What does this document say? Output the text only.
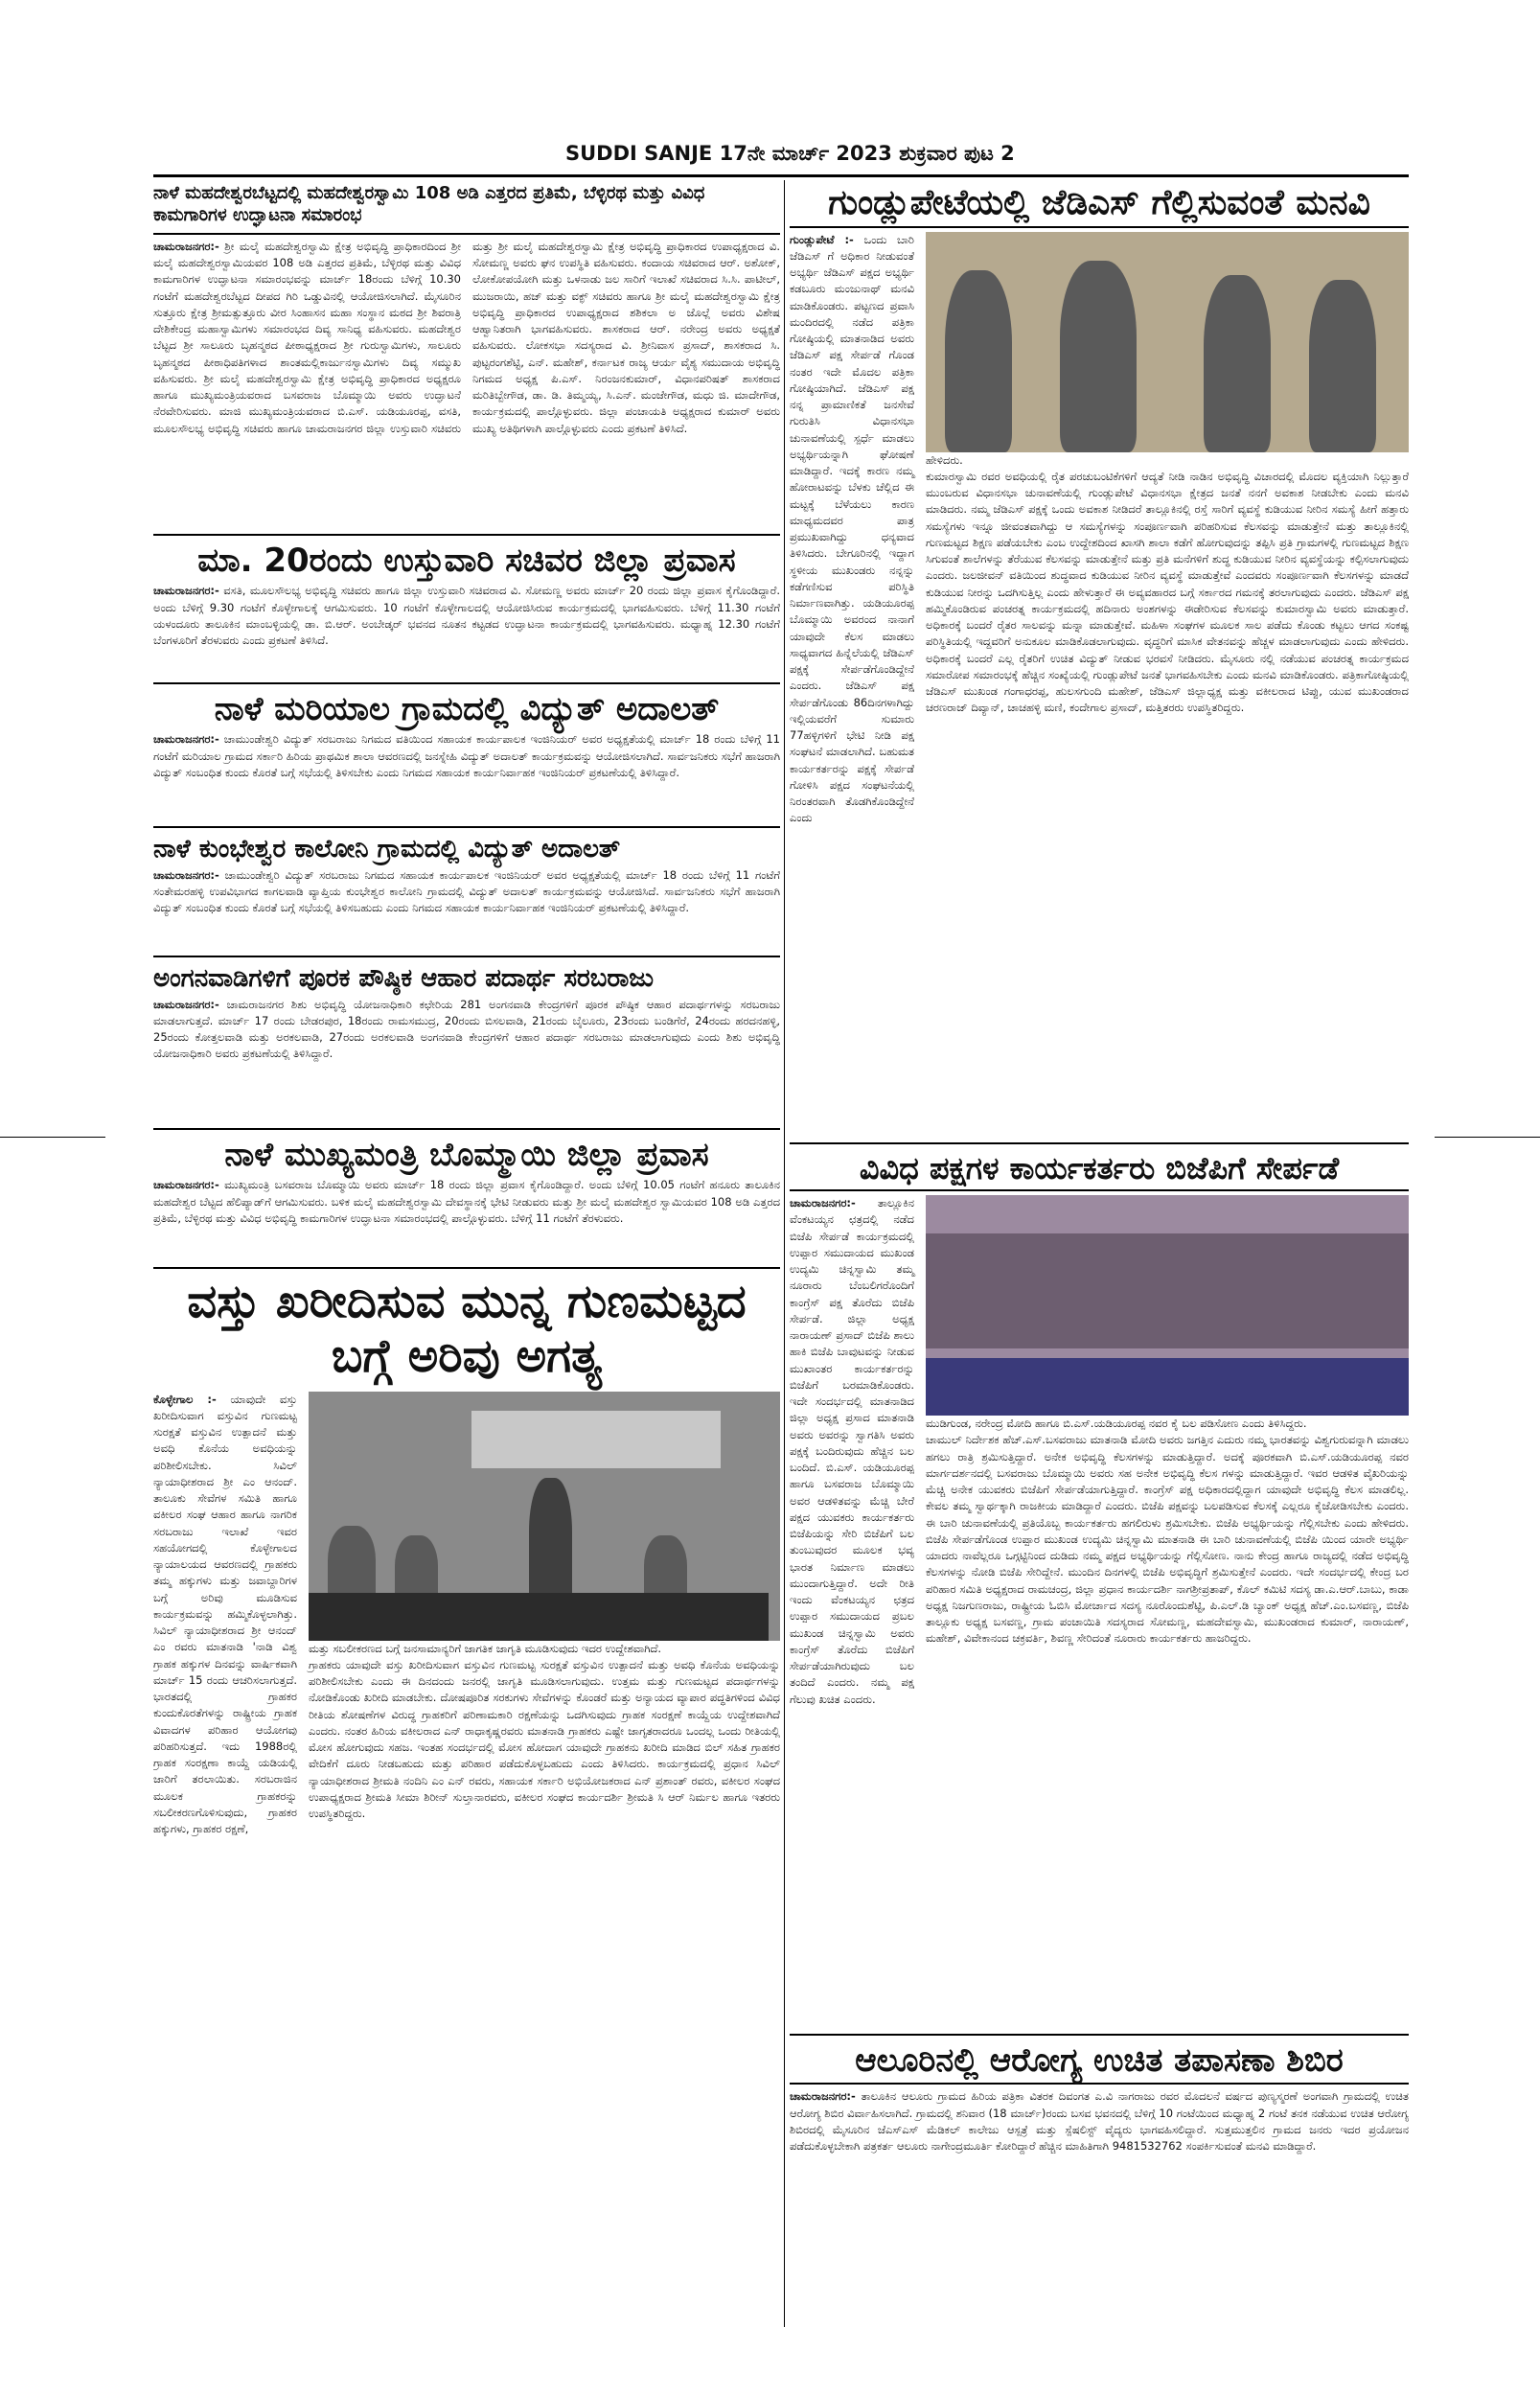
SUDDI SANJE 17ನೇ ಮಾರ್ಚ್ 2023 ಶುಕ್ರವಾರ ಪುಟ 2
ನಾಳೆ ಮಹದೇಶ್ವರಬೆಟ್ಟದಲ್ಲಿ ಮಹದೇಶ್ವರಸ್ವಾಮಿ 108 ಅಡಿ ಎತ್ತರದ ಪ್ರತಿಮೆ, ಬೆಳ್ಳಿರಥ ಮತ್ತು ವಿವಿಧ ಕಾಮಗಾರಿಗಳ ಉದ್ಘಾಟನಾ ಸಮಾರಂಭ
ಚಾಮರಾಜನಗರ:- ಶ್ರೀ ಮಲೈ ಮಹದೇಶ್ವರಸ್ವಾಮಿ ಕ್ಷೇತ್ರ ಅಭಿವೃದ್ಧಿ ಪ್ರಾಧಿಕಾರದಿಂದ ಶ್ರೀ ಮಲೈ ಮಹದೇಶ್ವರಸ್ವಾಮಿಯವರ 108 ಅಡಿ ಎತ್ತರದ ಪ್ರತಿಮೆ, ಬೆಳ್ಳಿರಥ ಮತ್ತು ವಿವಿಧ ಕಾಮಗಾರಿಗಳ ಉದ್ಘಾಟನಾ ಸಮಾರಂಭವನ್ನು ಮಾರ್ಚ್ 18ರಂದು ಬೆಳಿಗ್ಗೆ 10.30 ಗಂಟೆಗೆ ಮಹದೇಶ್ವರಬೆಟ್ಟದ ದೀಪದ ಗಿರಿ ಒಡ್ಡುವಿನಲ್ಲಿ ಆಯೋಜಿಸಲಾಗಿದೆ. ಮೈಸೂರಿನ ಸುತ್ತೂರು ಕ್ಷೇತ್ರ ಶ್ರೀಮತ್ಸುತ್ತೂರು ವೀರ ಸಿಂಹಾಸನ ಮಹಾ ಸಂಸ್ಥಾನ ಮಠದ ಶ್ರೀ ಶಿವರಾತ್ರಿ ದೇಶಿಕೇಂದ್ರ ಮಹಾಸ್ವಾಮಿಗಳು ಸಮಾರಂಭದ ದಿವ್ಯ ಸಾನಿಧ್ಯ ವಹಿಸುವರು. ಮಹದೇಶ್ವರ ಬೆಟ್ಟದ ಶ್ರೀ ಸಾಲೂರು ಬೃಹನ್ಮಠದ ಪೀಠಾಧ್ಯಕ್ಷರಾದ ಶ್ರೀ ಗುರುಸ್ವಾಮಿಗಳು, ಸಾಲೂರು ಬೃಹನ್ಮಠದ ಪೀಠಾಧಿಪತಿಗಳಾದ ಶಾಂತಮಲ್ಲಿಕಾರ್ಜುನಸ್ವಾಮಿಗಳು ದಿವ್ಯ ಸಮ್ಮುಖ ವಹಿಸುವರು. ಶ್ರೀ ಮಲೈ ಮಹದೇಶ್ವರಸ್ವಾಮಿ ಕ್ಷೇತ್ರ ಅಭಿವೃದ್ಧಿ ಪ್ರಾಧಿಕಾರದ ಅಧ್ಯಕ್ಷರೂ ಹಾಗೂ ಮುಖ್ಯಮಂತ್ರಿಯವರಾದ ಬಸವರಾಜ ಬೊಮ್ಮಾಯಿ ಅವರು ಉದ್ಘಾಟನೆ ನೆರವೇರಿಸುವರು. ಮಾಜಿ ಮುಖ್ಯಮಂತ್ರಿಯವರಾದ ಬಿ.ಎಸ್. ಯಡಿಯೂರಪ್ಪ, ವಸತಿ, ಮೂಲಸೌಲಭ್ಯ ಅಭಿವೃದ್ಧಿ ಸಚಿವರು ಹಾಗೂ ಚಾಮರಾಜನಗರ ಜಿಲ್ಲಾ ಉಸ್ತುವಾರಿ ಸಚಿವರು ಮತ್ತು ಶ್ರೀ ಮಲೈ ಮಹದೇಶ್ವರಸ್ವಾಮಿ ಕ್ಷೇತ್ರ ಅಭಿವೃದ್ಧಿ ಪ್ರಾಧಿಕಾರದ ಉಪಾಧ್ಯಕ್ಷರಾದ ವಿ. ಸೋಮಣ್ಣ ಅವರು ಘನ ಉಪಸ್ಥಿತಿ ವಹಿಸುವರು. ಕಂದಾಯ ಸಚಿವರಾದ ಆರ್. ಅಶೋಕ್, ಲೋಕೋಪಯೋಗಿ ಮತ್ತು ಒಳನಾಡು ಜಲ ಸಾರಿಗೆ ಇಲಾಖೆ ಸಚಿವರಾದ ಸಿ.ಸಿ. ಪಾಟೀಲ್, ಮುಜರಾಯಿ, ಹಜ್ ಮತ್ತು ವಕ್ಫ್ ಸಚಿವರು ಹಾಗೂ ಶ್ರೀ ಮಲೈ ಮಹದೇಶ್ವರಸ್ವಾಮಿ ಕ್ಷೇತ್ರ ಅಭಿವೃದ್ಧಿ ಪ್ರಾಧಿಕಾರದ ಉಪಾಧ್ಯಕ್ಷರಾದ ಶಶಿಕಲಾ ಅ ಜೊಲ್ಲೆ ಅವರು ವಿಶೇಷ ಆಹ್ವಾನಿತರಾಗಿ ಭಾಗವಹಿಸುವರು. ಶಾಸಕರಾದ ಆರ್. ನರೇಂದ್ರ ಅವರು ಅಧ್ಯಕ್ಷತೆ ವಹಿಸುವರು. ಲೋಕಸಭಾ ಸದಸ್ಯರಾದ ವಿ. ಶ್ರೀನಿವಾಸ ಪ್ರಸಾದ್, ಶಾಸಕರಾದ ಸಿ. ಪುಟ್ಟರಂಗಶೆಟ್ಟಿ, ಎನ್. ಮಹೇಶ್, ಕರ್ನಾಟಕ ರಾಜ್ಯ ಆರ್ಯ ವೈಶ್ಯ ಸಮುದಾಯ ಅಭಿವೃದ್ಧಿ ನಿಗಮದ ಅಧ್ಯಕ್ಷ ಪಿ.ಎಸ್. ನಿರಂಜನಕುಮಾರ್, ವಿಧಾನಪರಿಷತ್ ಶಾಸಕರಾದ ಮರಿತಿಬ್ಬೇಗೌಡ, ಡಾ. ಡಿ. ತಿಮ್ಮಯ್ಯ, ಸಿ.ಎನ್. ಮಂಜೇಗೌಡ, ಮಧು ಜಿ. ಮಾದೇಗೌಡ, ಕಾರ್ಯಕ್ರಮದಲ್ಲಿ ಪಾಲ್ಗೊಳ್ಳುವರು. ಜಿಲ್ಲಾ ಪಂಚಾಯತಿ ಅಧ್ಯಕ್ಷರಾದ ಕುಮಾರ್ ಅವರು ಮುಖ್ಯ ಅತಿಥಿಗಳಾಗಿ ಪಾಲ್ಗೊಳ್ಳುವರು ಎಂದು ಪ್ರಕಟಣೆ ತಿಳಿಸಿದೆ.
ಮಾ. 20ರಂದು ಉಸ್ತುವಾರಿ ಸಚಿವರ ಜಿಲ್ಲಾ ಪ್ರವಾಸ
ಚಾಮರಾಜನಗರ:- ವಸತಿ, ಮೂಲಸೌಲಭ್ಯ ಅಭಿವೃದ್ಧಿ ಸಚಿವರು ಹಾಗೂ ಜಿಲ್ಲಾ ಉಸ್ತುವಾರಿ ಸಚಿವರಾದ ವಿ. ಸೋಮಣ್ಣ ಅವರು ಮಾರ್ಚ್ 20 ರಂದು ಜಿಲ್ಲಾ ಪ್ರವಾಸ ಕೈಗೊಂಡಿದ್ದಾರೆ. ಅಂದು ಬೆಳಿಗ್ಗೆ 9.30 ಗಂಟೆಗೆ ಕೊಳ್ಳೇಗಾಲಕ್ಕೆ ಆಗಮಿಸುವರು. 10 ಗಂಟೆಗೆ ಕೊಳ್ಳೇಗಾಲದಲ್ಲಿ ಆಯೋಜಿಸಿರುವ ಕಾರ್ಯಕ್ರಮದಲ್ಲಿ ಭಾಗವಹಿಸುವರು. ಬೆಳಿಗ್ಗೆ 11.30 ಗಂಟೆಗೆ ಯಳಂದೂರು ತಾಲೂಕಿನ ಮಾಂಬಳ್ಳಿಯಲ್ಲಿ ಡಾ. ಬಿ.ಆರ್. ಅಂಬೇಡ್ಕರ್ ಭವನದ ನೂತನ ಕಟ್ಟಡದ ಉದ್ಘಾಟನಾ ಕಾರ್ಯಕ್ರಮದಲ್ಲಿ ಭಾಗವಹಿಸುವರು. ಮಧ್ಯಾಹ್ನ 12.30 ಗಂಟೆಗೆ ಬೆಂಗಳೂರಿಗೆ ತೆರಳುವರು ಎಂದು ಪ್ರಕಟಣೆ ತಿಳಿಸಿದೆ.
ನಾಳೆ ಮರಿಯಾಲ ಗ್ರಾಮದಲ್ಲಿ ವಿದ್ಯುತ್ ಅದಾಲತ್
ಚಾಮರಾಜನಗರ:- ಚಾಮುಂಡೇಶ್ವರಿ ವಿದ್ಯುತ್ ಸರಬರಾಜು ನಿಗಮದ ವತಿಯಿಂದ ಸಹಾಯಕ ಕಾರ್ಯಪಾಲಕ ಇಂಜಿನಿಯರ್ ಅವರ ಅಧ್ಯಕ್ಷತೆಯಲ್ಲಿ ಮಾರ್ಚ್ 18 ರಂದು ಬೆಳಿಗ್ಗೆ 11 ಗಂಟೆಗೆ ಮರಿಯಾಲ ಗ್ರಾಮದ ಸರ್ಕಾರಿ ಹಿರಿಯ ಪ್ರಾಥಮಿಕ ಶಾಲಾ ಆವರಣದಲ್ಲಿ ಜನಸ್ನೇಹಿ ವಿದ್ಯುತ್ ಅದಾಲತ್ ಕಾರ್ಯಕ್ರಮವನ್ನು ಆಯೋಜಿಸಲಾಗಿದೆ. ಸಾರ್ವಜನಿಕರು ಸಭೆಗೆ ಹಾಜರಾಗಿ ವಿದ್ಯುತ್ ಸಂಬಂಧಿತ ಕುಂದು ಕೊರತೆ ಬಗ್ಗೆ ಸಭೆಯಲ್ಲಿ ತಿಳಿಸಬೇಕು ಎಂದು ನಿಗಮದ ಸಹಾಯಕ ಕಾರ್ಯನಿರ್ವಾಹಕ ಇಂಜಿನಿಯರ್ ಪ್ರಕಟಣೆಯಲ್ಲಿ ತಿಳಿಸಿದ್ದಾರೆ.
ನಾಳೆ ಕುಂಭೇಶ್ವರ ಕಾಲೋನಿ ಗ್ರಾಮದಲ್ಲಿ ವಿದ್ಯುತ್ ಅದಾಲತ್
ಚಾಮರಾಜನಗರ:- ಚಾಮುಂಡೇಶ್ವರಿ ವಿದ್ಯುತ್ ಸರಬರಾಜು ನಿಗಮದ ಸಹಾಯಕ ಕಾರ್ಯಪಾಲಕ ಇಂಜಿನಿಯರ್ ಅವರ ಅಧ್ಯಕ್ಷತೆಯಲ್ಲಿ ಮಾರ್ಚ್ 18 ರಂದು ಬೆಳಿಗ್ಗೆ 11 ಗಂಟೆಗೆ ಸಂತೇಮರಹಳ್ಳಿ ಉಪವಿಭಾಗದ ಕಾಗಲವಾಡಿ ವ್ಯಾಪ್ತಿಯ ಕುಂಭೇಶ್ವರ ಕಾಲೋನಿ ಗ್ರಾಮದಲ್ಲಿ ವಿದ್ಯುತ್ ಅದಾಲತ್ ಕಾರ್ಯಕ್ರಮವನ್ನು ಆಯೋಜಿಸಿದೆ. ಸಾರ್ವಜನಿಕರು ಸಭೆಗೆ ಹಾಜರಾಗಿ ವಿದ್ಯುತ್ ಸಂಬಂಧಿತ ಕುಂದು ಕೊರತೆ ಬಗ್ಗೆ ಸಭೆಯಲ್ಲಿ ತಿಳಿಸಬಹುದು ಎಂದು ನಿಗಮದ ಸಹಾಯಕ ಕಾರ್ಯನಿರ್ವಾಹಕ ಇಂಜಿನಿಯರ್ ಪ್ರಕಟಣೆಯಲ್ಲಿ ತಿಳಿಸಿದ್ದಾರೆ.
ಅಂಗನವಾಡಿಗಳಿಗೆ ಪೂರಕ ಪೌಷ್ಠಿಕ ಆಹಾರ ಪದಾರ್ಥ ಸರಬರಾಜು
ಚಾಮರಾಜನಗರ:- ಚಾಮರಾಜನಗರ ಶಿಶು ಅಭಿವೃದ್ಧಿ ಯೋಜನಾಧಿಕಾರಿ ಕಛೇರಿಯ 281 ಅಂಗನವಾಡಿ ಕೇಂದ್ರಗಳಿಗೆ ಪೂರಕ ಪೌಷ್ಠಿಕ ಆಹಾರ ಪದಾರ್ಥಗಳನ್ನು ಸರಬರಾಜು ಮಾಡಲಾಗುತ್ತದೆ. ಮಾರ್ಚ್ 17 ರಂದು ಬೇಡರಪುರ, 18ರಂದು ರಾಮಸಮುದ್ರ, 20ರಂದು ಬಿಸಲವಾಡಿ, 21ರಂದು ಬೈಲೂರು, 23ರಂದು ಬಂಡಿಗೆರೆ, 24ರಂದು ಹರದನಹಳ್ಳಿ, 25ರಂದು ಕೋತ್ತಲವಾಡಿ ಮತ್ತು ಅರಕಲವಾಡಿ, 27ರಂದು ಅರಕಲವಾಡಿ ಅಂಗನವಾಡಿ ಕೇಂದ್ರಗಳಿಗೆ ಆಹಾರ ಪದಾರ್ಥ ಸರಬರಾಜು ಮಾಡಲಾಗುವುದು ಎಂದು ಶಿಶು ಅಭಿವೃದ್ಧಿ ಯೋಜನಾಧಿಕಾರಿ ಅವರು ಪ್ರಕಟಣೆಯಲ್ಲಿ ತಿಳಿಸಿದ್ದಾರೆ.
ನಾಳೆ ಮುಖ್ಯಮಂತ್ರಿ ಬೊಮ್ಮಾಯಿ ಜಿಲ್ಲಾ ಪ್ರವಾಸ
ಚಾಮರಾಜನಗರ:- ಮುಖ್ಯಮಂತ್ರಿ ಬಸವರಾಜ ಬೊಮ್ಮಾಯಿ ಅವರು ಮಾರ್ಚ್ 18 ರಂದು ಜಿಲ್ಲಾ ಪ್ರವಾಸ ಕೈಗೊಂಡಿದ್ದಾರೆ. ಅಂದು ಬೆಳಿಗ್ಗೆ 10.05 ಗಂಟೆಗೆ ಹನೂರು ತಾಲೂಕಿನ ಮಹದೇಶ್ವರ ಬೆಟ್ಟದ ಹೆಲಿಪ್ಯಾಡ್‌ಗೆ ಆಗಮಿಸುವರು. ಬಳಿಕ ಮಲೈ ಮಹದೇಶ್ವರಸ್ವಾಮಿ ದೇವಸ್ಥಾನಕ್ಕೆ ಭೇಟಿ ನೀಡುವರು ಮತ್ತು ಶ್ರೀ ಮಲೈ ಮಹದೇಶ್ವರ ಸ್ವಾಮಿಯವರ 108 ಅಡಿ ಎತ್ತರದ ಪ್ರತಿಮೆ, ಬೆಳ್ಳಿರಥ ಮತ್ತು ವಿವಿಧ ಅಭಿವೃದ್ಧಿ ಕಾಮಗಾರಿಗಳ ಉದ್ಘಾಟನಾ ಸಮಾರಂಭದಲ್ಲಿ ಪಾಲ್ಗೊಳ್ಳುವರು. ಬೆಳಿಗ್ಗೆ 11 ಗಂಟೆಗೆ ತೆರಳುವರು.
ವಸ್ತು ಖರೀದಿಸುವ ಮುನ್ನ ಗುಣಮಟ್ಟದ
ಬಗ್ಗೆ ಅರಿವು ಅಗತ್ಯ
ಕೊಳ್ಳೇಗಾಲ :- ಯಾವುದೇ ವಸ್ತು ಖರೀದಿಸುವಾಗ ವಸ್ತುವಿನ ಗುಣಮಟ್ಟ ಸುರಕ್ಷತೆ ವಸ್ತುವಿನ ಉತ್ಪಾದನೆ ಮತ್ತು ಅವಧಿ ಕೊನೆಯ ಅವಧಿಯನ್ನು ಪರಿಶೀಲಿಸಬೇಕು. ಸಿವಿಲ್ ನ್ಯಾಯಾಧೀಶರಾದ ಶ್ರೀ ಎಂ ಆನಂದ್. ತಾಲೂಕು ಸೇವೆಗಳ ಸಮಿತಿ ಹಾಗೂ ವಕೀಲರ ಸಂಘ ಆಹಾರ ಹಾಗೂ ನಾಗರಿಕ ಸರಬರಾಜು ಇಲಾಖೆ ಇವರ ಸಹಯೋಗದಲ್ಲಿ ಕೊಳ್ಳೇಗಾಲದ ನ್ಯಾಯಾಲಯದ ಆವರಣದಲ್ಲಿ ಗ್ರಾಹಕರು ತಮ್ಮ ಹಕ್ಕುಗಳು ಮತ್ತು ಜವಾಬ್ದಾರಿಗಳ ಬಗ್ಗೆ ಅರಿವು ಮೂಡಿಸುವ ಕಾರ್ಯಕ್ರಮವನ್ನು ಹಮ್ಮಿಕೊಳ್ಳಲಾಗಿತ್ತು. ಸಿವಿಲ್ ನ್ಯಾಯಾಧೀಶರಾದ ಶ್ರೀ ಆನಂದ್ ಎಂ ರವರು ಮಾತನಾಡಿ 'ನಾಡಿ ವಿಶ್ವ ಗ್ರಾಹಕ ಹಕ್ಕುಗಳ ದಿನವನ್ನು ವಾರ್ಷಿಕವಾಗಿ ಮಾರ್ಚ್ 15 ರಂದು ಆಚರಿಸಲಾಗುತ್ತದೆ. ಭಾರತದಲ್ಲಿ ಗ್ರಾಹಕರ ಕುಂದುಕೊರತೆಗಳನ್ನು ರಾಷ್ಟ್ರೀಯ ಗ್ರಾಹಕ ವಿವಾದಗಳ ಪರಿಹಾರ ಆಯೋಗವು ಪರಿಹರಿಸುತ್ತದೆ. ಇದು 1988ರಲ್ಲಿ ಗ್ರಾಹಕ ಸಂರಕ್ಷಣಾ ಕಾಯ್ದೆ ಯಡಿಯಲ್ಲಿ ಜಾರಿಗೆ ತರಲಾಯಿತು. ಸರಬರಾಜಿನ ಮೂಲಕ ಗ್ರಾಹಕರನ್ನು ಸಬಲೀಕರಣಗೊಳಿಸುವುದು, ಗ್ರಾಹಕರ ಹಕ್ಕುಗಳು, ಗ್ರಾಹಕರ ರಕ್ಷಣೆ,
ಮತ್ತು ಸಬಲೀಕರಣದ ಬಗ್ಗೆ ಜನಸಾಮಾನ್ಯರಿಗೆ ಜಾಗತಿಕ ಜಾಗೃತಿ ಮೂಡಿಸುವುದು ಇದರ ಉದ್ದೇಶವಾಗಿದೆ.
ಗ್ರಾಹಕರು ಯಾವುದೇ ವಸ್ತು ಖರೀದಿಸುವಾಗ ವಸ್ತುವಿನ ಗುಣಮಟ್ಟ ಸುರಕ್ಷತೆ ವಸ್ತುವಿನ ಉತ್ಪಾದನೆ ಮತ್ತು ಅವಧಿ ಕೊನೆಯ ಅವಧಿಯನ್ನು ಪರಿಶೀಲಿಸಬೇಕು ಎಂದು ಈ ದಿನದಂದು ಜನರಲ್ಲಿ ಜಾಗೃತಿ ಮೂಡಿಸಲಾಗುವುದು. ಉತ್ತಮ ಮತ್ತು ಗುಣಮಟ್ಟದ ಪದಾರ್ಥಗಳನ್ನು ನೋಡಿಕೊಂಡು ಖರೀದಿ ಮಾಡಬೇಕು. ದೋಷಪೂರಿತ ಸರಕುಗಳು ಸೇವೆಗಳನ್ನು ಕೊಂಡರೆ ಮತ್ತು ಅನ್ಯಾಯದ ವ್ಯಾಪಾರ ಪದ್ಧತಿಗಳಿಂದ ವಿವಿಧ ರೀತಿಯ ಶೋಷಣೆಗಳ ವಿರುದ್ಧ ಗ್ರಾಹಕರಿಗೆ ಪರಿಣಾಮಕಾರಿ ರಕ್ಷಣೆಯನ್ನು ಒದಗಿಸುವುದು ಗ್ರಾಹಕ ಸಂರಕ್ಷಣೆ ಕಾಯ್ದೆಯ ಉದ್ದೇಶವಾಗಿದೆ ಎಂದರು. ನಂತರ ಹಿರಿಯ ವಕೀಲರಾದ ಎನ್ ರಾಧಾಕೃಷ್ಣರವರು ಮಾತನಾಡಿ ಗ್ರಾಹಕರು ಎಷ್ಟೇ ಜಾಗೃತರಾದರೂ ಒಂದಲ್ಲ ಒಂದು ರೀತಿಯಲ್ಲಿ ಮೋಸ ಹೋಗುವುದು ಸಹಜ. ಇಂತಹ ಸಂದರ್ಭದಲ್ಲಿ ಮೋಸ ಹೋದಾಗ ಯಾವುದೇ ಗ್ರಾಹಕನು ಖರೀದಿ ಮಾಡಿದ ಬಿಲ್ ಸಹಿತ ಗ್ರಾಹಕರ ವೇದಿಕೆಗೆ ದೂರು ನೀಡಬಹುದು ಮತ್ತು ಪರಿಹಾರ ಪಡೆದುಕೊಳ್ಳಬಹುದು ಎಂದು ತಿಳಿಸಿದರು. ಕಾರ್ಯಕ್ರಮದಲ್ಲಿ ಪ್ರಧಾನ ಸಿವಿಲ್ ನ್ಯಾಯಾಧೀಶರಾದ ಶ್ರೀಮತಿ ನಂದಿನಿ ಎಂ ಎನ್ ರವರು, ಸಹಾಯಕ ಸರ್ಕಾರಿ ಅಭಿಯೋಜಕರಾದ ಎನ್ ಪ್ರಶಾಂತ್ ರವರು, ವಕೀಲರ ಸಂಘದ ಉಪಾಧ್ಯಕ್ಷರಾದ ಶ್ರೀಮತಿ ಸೀಮಾ ಶಿರೀನ್ ಸುಲ್ತಾನಾರವರು, ವಕೀಲರ ಸಂಘದ ಕಾರ್ಯದರ್ಶಿ ಶ್ರೀಮತಿ ಸಿ ಆರ್ ನಿರ್ಮಲ ಹಾಗೂ ಇತರರು ಉಪಸ್ಥಿತರಿದ್ದರು.
ಗುಂಡ್ಲುಪೇಟೆಯಲ್ಲಿ ಜೆಡಿಎಸ್ ಗೆಲ್ಲಿಸುವಂತೆ ಮನವಿ
ಗುಂಡ್ಲುಪೇಟೆ :- ಒಂದು ಬಾರಿ ಜೆಡಿಎಸ್ ಗೆ ಅಧಿಕಾರ ನೀಡುವಂತೆ ಅಭ್ಯರ್ಥಿ ಜೆಡಿಎಸ್ ಪಕ್ಷದ ಅಭ್ಯರ್ಥಿ ಕಡಬೂರು ಮಂಜುನಾಥ್ ಮನವಿ ಮಾಡಿಕೊಂಡರು. ಪಟ್ಟಣದ ಪ್ರವಾಸಿ ಮಂದಿರದಲ್ಲಿ ನಡೆದ ಪತ್ರಿಕಾ ಗೋಷ್ಠಿಯಲ್ಲಿ ಮಾತನಾಡಿದ ಅವರು ಜೆಡಿಎಸ್ ಪಕ್ಷ ಸೇರ್ಪಡೆ ಗೊಂಡ ನಂತರ ಇದೇ ಮೊದಲ ಪತ್ರಿಕಾ ಗೋಷ್ಠಿಯಾಗಿದೆ. ಜೆಡಿಎಸ್ ಪಕ್ಷ ನನ್ನ ಪ್ರಾಮಾಣಿಕತೆ ಜನಸೇವೆ ಗುರುತಿಸಿ ವಿಧಾನಸಭಾ ಚುನಾವಣೆಯಲ್ಲಿ ಸ್ಪರ್ಧೆ ಮಾಡಲು ಅಭ್ಯರ್ಥಿಯನ್ನಾಗಿ ಘೋಷಣೆ ಮಾಡಿದ್ದಾರೆ. ಇದಕ್ಕೆ ಕಾರಣ ನಮ್ಮ ಹೋರಾಟವನ್ನು ಬೆಳಕು ಚೆಲ್ಲಿದ ಈ ಮಟ್ಟಕ್ಕೆ ಬೆಳೆಯಲು ಕಾರಣ ಮಾಧ್ಯಮದವರ ಪಾತ್ರ ಪ್ರಮುಖವಾಗಿದ್ದು ಧನ್ಯವಾದ ತಿಳಿಸಿದರು. ಬೇಗೂರಿನಲ್ಲಿ ಇದ್ದಾಗ ಸ್ಥಳೀಯ ಮುಖಂಡರು ನನ್ನನ್ನು ಕಡೆಗಣಿಸುವ ಪರಿಸ್ಥಿತಿ ನಿರ್ಮಾಣವಾಗಿತ್ತು. ಯಡಿಯೂರಪ್ಪ ಬೊಮ್ಮಾಯಿ ಅವರಂದ ನಾನಾಗೆ ಯಾವುದೇ ಕೆಲಸ ಮಾಡಲು ಸಾಧ್ಯವಾಗದ ಹಿನ್ನೆಲೆಯಲ್ಲಿ ಜೆಡಿಎಸ್ ಪಕ್ಷಕ್ಕೆ ಸೇರ್ಪಡೆಗೊಂಡಿದ್ದೇನೆ ಎಂದರು. ಜೆಡಿಎಸ್ ಪಕ್ಷ ಸೇರ್ಪಡೆಗೊಂಡು 86ದಿನಗಳಾಗಿದ್ದು ಇಲ್ಲಿಯವರೆಗೆ ಸುಮಾರು 77ಹಳ್ಳಿಗಳಿಗೆ ಭೇಟಿ ನೀಡಿ ಪಕ್ಷ ಸಂಘಟನೆ ಮಾಡಲಾಗಿದೆ. ಬಹುಮತ ಕಾರ್ಯಕರ್ತರನ್ನು ಪಕ್ಷಕ್ಕೆ ಸೇರ್ಪಡೆ ಗೋಳಿಸಿ ಪಕ್ಷದ ಸಂಘಟನೆಯಲ್ಲಿ ನಿರಂತರವಾಗಿ ತೊಡಗಿಕೊಂಡಿದ್ದೇನೆ ಎಂದು
ಹೇಳಿದರು.
ಕುಮಾರಸ್ವಾಮಿ ರವರ ಅವಧಿಯಲ್ಲಿ ರೈತ ಪರಚುಬಂಟಿಕೆಗಳಿಗೆ ಆದ್ಯತೆ ನೀಡಿ ನಾಡಿನ ಅಭಿವೃದ್ಧಿ ವಿಚಾರದಲ್ಲಿ ಮೊದಲ ವ್ಯಕ್ತಿಯಾಗಿ ನಿಲ್ಲುತ್ತಾರೆ ಮುಂಬರುವ ವಿಧಾನಸಭಾ ಚುನಾವಣೆಯಲ್ಲಿ ಗುಂಡ್ಲುಪೇಟೆ ವಿಧಾನಸಭಾ ಕ್ಷೇತ್ರದ ಜನತೆ ನನಗೆ ಅವಕಾಶ ನೀಡಬೇಕು ಎಂದು ಮನವಿ ಮಾಡಿದರು. ನಮ್ಮ ಜೆಡಿಎಸ್ ಪಕ್ಷಕ್ಕೆ ಒಂದು ಅವಕಾಶ ನೀಡಿದರೆ ತಾಲ್ಲೂಕಿನಲ್ಲಿ ರಸ್ತೆ ಸಾರಿಗೆ ವ್ಯವಸ್ಥೆ ಕುಡಿಯುವ ನೀರಿನ ಸಮಸ್ಯೆ ಹೀಗೆ ಹತ್ತಾರು ಸಮಸ್ಯೆಗಳು ಇನ್ನೂ ಜೀವಂತವಾಗಿದ್ದು ಆ ಸಮಸ್ಯೆಗಳನ್ನು ಸಂಪೂರ್ಣವಾಗಿ ಪರಿಹರಿಸುವ ಕೆಲಸವನ್ನು ಮಾಡುತ್ತೇನೆ ಮತ್ತು ತಾಲ್ಲೂಕಿನಲ್ಲಿ ಗುಣಮಟ್ಟದ ಶಿಕ್ಷಣ ಪಡೆಯಬೇಕು ಎಂಬ ಉದ್ದೇಶದಿಂದ ಖಾಸಗಿ ಶಾಲಾ ಕಡೆಗೆ ಹೋಗುವುದನ್ನು ತಪ್ಪಿಸಿ ಪ್ರತಿ ಗ್ರಾಮಗಳಲ್ಲಿ ಗುಣಮಟ್ಟದ ಶಿಕ್ಷಣ ಸಿಗುವಂತೆ ಶಾಲೆಗಳನ್ನು ತೆರೆಯುವ ಕೆಲಸವನ್ನು ಮಾಡುತ್ತೇನೆ ಮತ್ತು ಪ್ರತಿ ಮನೆಗಳಿಗೆ ಶುದ್ಧ ಕುಡಿಯುವ ನೀರಿನ ವ್ಯವಸ್ಥೆಯನ್ನು ಕಲ್ಪಿಸಲಾಗುವುದು ಎಂದರು. ಜಲಜೀವನ್ ವತಿಯಿಂದ ಶುದ್ಧವಾದ ಕುಡಿಯುವ ನೀರಿನ ವ್ಯವಸ್ಥೆ ಮಾಡುತ್ತೇವೆ ಎಂದವರು ಸಂಪೂರ್ಣವಾಗಿ ಕೆಲಸಗಳನ್ನು ಮಾಡದೆ ಕುಡಿಯುವ ನೀರನ್ನು ಒದಗಿಸುತ್ತಿಲ್ಲ ಎಂದು ಹೇಳುತ್ತಾರೆ ಈ ಅವ್ಯವಹಾರದ ಬಗ್ಗೆ ಸರ್ಕಾರದ ಗಮನಕ್ಕೆ ತರಲಾಗುವುದು ಎಂದರು. ಜೆಡಿಎಸ್ ಪಕ್ಷ ಹಮ್ಮಿಕೊಂಡಿರುವ ಪಂಚರತ್ನ ಕಾರ್ಯಕ್ರಮದಲ್ಲಿ ಹದಿನಾರು ಅಂಶಗಳನ್ನು ಈಡೇರಿಸುವ ಕೆಲಸವನ್ನು ಕುಮಾರಸ್ವಾಮಿ ಅವರು ಮಾಡುತ್ತಾರೆ. ಅಧಿಕಾರಕ್ಕೆ ಬಂದರೆ ರೈತರ ಸಾಲವನ್ನು ಮನ್ನಾ ಮಾಡುತ್ತೇವೆ. ಮಹಿಳಾ ಸಂಘಗಳ ಮೂಲಕ ಸಾಲ ಪಡೆದು ಕೊಂಡು ಕಟ್ಟಲು ಆಗದ ಸಂಕಷ್ಟ ಪರಿಸ್ಥಿತಿಯಲ್ಲಿ ಇದ್ದವರಿಗೆ ಅನುಕೂಲ ಮಾಡಿಕೊಡಲಾಗುವುದು. ವೃದ್ಧರಿಗೆ ಮಾಸಿಕ ವೇತನವನ್ನು ಹೆಚ್ಚಳ ಮಾಡಲಾಗುವುದು ಎಂದು ಹೇಳಿದರು. ಅಧಿಕಾರಕ್ಕೆ ಬಂದರೆ ಎಲ್ಲ ರೈತರಿಗೆ ಉಚಿತ ವಿದ್ಯುತ್ ನೀಡುವ ಭರವಸೆ ನೀಡಿದರು. ಮೈಸೂರು ನಲ್ಲಿ ನಡೆಯುವ ಪಂಚರತ್ನ ಕಾರ್ಯಕ್ರಮದ ಸಮಾರೋಪ ಸಮಾರಂಭಕ್ಕೆ ಹೆಚ್ಚಿನ ಸಂಖ್ಯೆಯಲ್ಲಿ ಗುಂಡ್ಲುಪೇಟೆ ಜನತೆ ಭಾಗವಹಿಸಬೇಕು ಎಂದು ಮನವಿ ಮಾಡಿಕೊಂಡರು. ಪತ್ರಿಕಾಗೋಷ್ಠಿಯಲ್ಲಿ ಜೆಡಿಎಸ್ ಮುಖಂಡ ಗಂಗಾಧರಪ್ಪ, ಹುಲಸಗುಂದಿ ಮಹೇಶ್, ಜೆಡಿಎಸ್ ಜಿಲ್ಲಾಧ್ಯಕ್ಷ ಮತ್ತು ವಕೀಲರಾದ ಟಿಪ್ಪು, ಯುವ ಮುಖಂಡರಾದ ಚರಣರಾಜ್ ದಿವ್ಯಾನ್, ಚಾಚಹಳ್ಳಿ ಮಣಿ, ಕಂದೇಗಾಲ ಪ್ರಸಾದ್, ಮತ್ತಿತರರು ಉಪಸ್ಥಿತರಿದ್ದರು.
ವಿವಿಧ ಪಕ್ಷಗಳ ಕಾರ್ಯಕರ್ತರು ಬಿಜೆಪಿಗೆ ಸೇರ್ಪಡೆ
ಚಾಮರಾಜನಗರ:- ತಾಲ್ಲೂಕಿನ ವೆಂಕಟಯ್ಯನ ಛತ್ರದಲ್ಲಿ ನಡೆದ ಬಿಜೆಪಿ ಸೇರ್ಪಡೆ ಕಾರ್ಯಕ್ರಮದಲ್ಲಿ ಉಪ್ಪಾರ ಸಮುದಾಯದ ಮುಖಂಡ ಉದ್ಯಮಿ ಚಿನ್ನಸ್ವಾಮಿ ತಮ್ಮ ನೂರಾರು ಬೆಂಬಲಿಗರೊಂದಿಗೆ ಕಾಂಗ್ರೆಸ್ ಪಕ್ಷ ತೊರೆದು ಬಿಜೆಪಿ ಸೇರ್ಪಡೆ. ಜಿಲ್ಲಾ ಅಧ್ಯಕ್ಷ ನಾರಾಯಣ್ ಪ್ರಸಾದ್ ಬಿಜೆಪಿ ಶಾಲು ಹಾಕಿ ಬಿಜೆಪಿ ಬಾವುಟವನ್ನು ನೀಡುವ ಮುಖಾಂತರ ಕಾರ್ಯಕರ್ತರನ್ನು ಬಿಜೆಪಿಗೆ ಬರಮಾಡಿಕೊಂಡರು. ಇದೇ ಸಂದರ್ಭದಲ್ಲಿ ಮಾತನಾಡಿದ ಜಿಲ್ಲಾ ಅಧ್ಯಕ್ಷ ಪ್ರಸಾದ ಮಾತನಾಡಿ ಅವರು ಅವರನ್ನು ಸ್ವಾಗತಿಸಿ ಅವರು ಪಕ್ಷಕ್ಕೆ ಬಂದಿರುವುದು ಹೆಚ್ಚಿನ ಬಲ ಬಂದಿದೆ. ಬಿ.ಎಸ್. ಯಡಿಯೂರಪ್ಪ ಹಾಗೂ ಬಸವರಾಜ ಬೊಮ್ಮಾಯಿ ಅವರ ಆಡಳಿತವನ್ನು ಮೆಚ್ಚಿ ಬೇರೆ ಪಕ್ಷದ ಯುವಕರು ಕಾರ್ಯಕರ್ತರು ಬಿಜೆಪಿಯನ್ನು ಸೇರಿ ಬಿಜೆಪಿಗೆ ಬಲ ತುಂಬುವುದರ ಮೂಲಕ ಭವ್ಯ ಭಾರತ ನಿರ್ಮಾಣ ಮಾಡಲು ಮುಂದಾಗುತ್ತಿದ್ದಾರೆ. ಅದೇ ರೀತಿ ಇಂದು ವೆಂಕಟಯ್ಯನ ಛತ್ರದ ಉಪ್ಪಾರ ಸಮುದಾಯದ ಪ್ರಬಲ ಮುಖಂಡ ಚಿನ್ನಸ್ವಾಮಿ ಅವರು ಕಾಂಗ್ರೆಸ್ ತೊರೆದು ಬಿಜೆಪಿಗೆ ಸೇರ್ಪಡೆಯಾಗಿರುವುದು ಬಲ ತಂದಿದೆ ಎಂದರು. ನಮ್ಮ ಪಕ್ಷ ಗೆಲುವು ಖಚಿತ ಎಂದರು.
ಮುಡಿಗುಂಡ, ನರೇಂದ್ರ ಮೋದಿ ಹಾಗೂ ಬಿ.ಎಸ್.ಯಡಿಯೂರಪ್ಪ ನವರ ಕೈ ಬಲ ಪಡಿಸೋಣ ಎಂದು ತಿಳಿಸಿದ್ದರು.
ಚಾಮುಲ್ ನಿರ್ದೇಶಕ ಹೆಚ್.ಎಸ್.ಬಸವರಾಜು ಮಾತನಾಡಿ ಮೋದಿ ಅವರು ಜಗತ್ತಿನ ಎದುರು ನಮ್ಮ ಭಾರತವನ್ನು ವಿಶ್ವಗುರುವನ್ನಾಗಿ ಮಾಡಲು ಹಗಲು ರಾತ್ರಿ ಶ್ರಮಿಸುತ್ತಿದ್ದಾರೆ. ಅನೇಕ ಅಭಿವೃದ್ಧಿ ಕೆಲಸಗಳನ್ನು ಮಾಡುತ್ತಿದ್ದಾರೆ. ಅದಕ್ಕೆ ಪೂರಕವಾಗಿ ಬಿ.ಎಸ್.ಯಡಿಯೂರಪ್ಪ ನವರ ಮಾರ್ಗದರ್ಶನದಲ್ಲಿ ಬಸವರಾಜು ಬೊಮ್ಮಾಯಿ ಅವರು ಸಹ ಅನೇಕ ಅಭಿವೃದ್ಧಿ ಕೆಲಸ ಗಳನ್ನು ಮಾಡುತ್ತಿದ್ದಾರೆ. ಇವರ ಆಡಳಿತ ವೈಖರಿಯನ್ನು ಮೆಚ್ಚಿ ಅನೇಕ ಯುವಕರು ಬಿಜೆಪಿಗೆ ಸೇರ್ಪಡೆಯಾಗುತ್ತಿದ್ದಾರೆ. ಕಾಂಗ್ರೆಸ್ ಪಕ್ಷ ಅಧಿಕಾರದಲ್ಲಿದ್ದಾಗ ಯಾವುದೇ ಅಭಿವೃದ್ಧಿ ಕೆಲಸ ಮಾಡಲಿಲ್ಲ. ಕೇವಲ ತಮ್ಮ ಸ್ವಾರ್ಥಕ್ಕಾಗಿ ರಾಜಕೀಯ ಮಾಡಿದ್ದಾರೆ ಎಂದರು. ಬಿಜೆಪಿ ಪಕ್ಷವನ್ನು ಬಲಪಡಿಸುವ ಕೆಲಸಕ್ಕೆ ಎಲ್ಲರೂ ಕೈಜೋಡಿಸಬೇಕು ಎಂದರು. ಈ ಬಾರಿ ಚುನಾವಣೆಯಲ್ಲಿ ಪ್ರತಿಯೊಬ್ಬ ಕಾರ್ಯಕರ್ತರು ಹಗಲಿರುಳು ಶ್ರಮಿಸಬೇಕು. ಬಿಜೆಪಿ ಅಭ್ಯರ್ಥಿಯನ್ನು ಗೆಲ್ಲಿಸಬೇಕು ಎಂದು ಹೇಳಿದರು. ಬಿಜೆಪಿ ಸೇರ್ಪಡೆಗೊಂಡ ಉಪ್ಪಾರ ಮುಖಂಡ ಉದ್ಯಮಿ ಚಿನ್ನಸ್ವಾಮಿ ಮಾತನಾಡಿ ಈ ಬಾರಿ ಚುನಾವಣೆಯಲ್ಲಿ ಬಿಜೆಪಿ ಯಿಂದ ಯಾರೇ ಅಭ್ಯರ್ಥಿ ಯಾದರು ನಾವೆಲ್ಲರೂ ಒಗ್ಗಟ್ಟಿನಿಂದ ದುಡಿದು ನಮ್ಮ ಪಕ್ಷದ ಅಭ್ಯರ್ಥಿಯನ್ನು ಗೆಲ್ಲಿಸೋಣ. ನಾನು ಕೇಂದ್ರ ಹಾಗೂ ರಾಜ್ಯದಲ್ಲಿ ನಡೆದ ಅಭಿವೃದ್ಧಿ ಕೆಲಸಗಳನ್ನು ನೋಡಿ ಬಿಜೆಪಿ ಸೇರಿದ್ದೇನೆ. ಮುಂದಿನ ದಿನಗಳಲ್ಲಿ ಬಿಜೆಪಿ ಅಭಿವೃದ್ಧಿಗೆ ಶ್ರಮಿಸುತ್ತೇನೆ ಎಂದರು. ಇದೇ ಸಂದರ್ಭದಲ್ಲಿ ಕೇಂದ್ರ ಬರ ಪರಿಹಾರ ಸಮಿತಿ ಅಧ್ಯಕ್ಷರಾದ ರಾಮಚಂದ್ರ, ಜಿಲ್ಲಾ ಪ್ರಧಾನ ಕಾರ್ಯದರ್ಶಿ ನಾಗಶ್ರೀಪ್ರತಾಪ್, ಕೊಲ್ ಕಮಿಟಿ ಸದಸ್ಯ ಡಾ.ಎ.ಆರ್.ಬಾಬು, ಕಾಡಾ ಅಧ್ಯಕ್ಷ ನಿಜಗುಣರಾಜು, ರಾಷ್ಟ್ರೀಯ ಓಬಿಸಿ ಮೋರ್ಚಾದ ಸದಸ್ಯ ನೂರೊಂದುಶೆಟ್ಟಿ, ಪಿ.ಎಲ್.ಡಿ ಬ್ಯಾಂಕ್ ಅಧ್ಯಕ್ಷ ಹೆಚ್.ಎಂ.ಬಸವಣ್ಣ, ಬಿಜೆಪಿ ತಾಲ್ಲೂಕು ಅಧ್ಯಕ್ಷ ಬಸವಣ್ಣ, ಗ್ರಾಮ ಪಂಚಾಯಿತಿ ಸದಸ್ಯರಾದ ಸೋಮಣ್ಣ, ಮಹದೇವಸ್ವಾಮಿ, ಮುಖಂಡರಾದ ಕುಮಾರ್, ನಾರಾಯಣ್, ಮಹೇಶ್, ವಿವೇಕಾನಂದ ಚಕ್ರವರ್ತಿ, ಶಿವಣ್ಣ ಸೇರಿದಂತೆ ನೂರಾರು ಕಾರ್ಯಕರ್ತರು ಹಾಜರಿದ್ದರು.
ಆಲೂರಿನಲ್ಲಿ ಆರೋಗ್ಯ ಉಚಿತ ತಪಾಸಣಾ ಶಿಬಿರ
ಚಾಮರಾಜನಗರ:- ತಾಲೂಕಿನ ಆಲೂರು ಗ್ರಾಮದ ಹಿರಿಯ ಪತ್ರಿಕಾ ವಿತರಕ ದಿವಂಗತ ಎ.ವಿ ನಾಗರಾಜು ರವರ ಮೊದಲನೆ ವರ್ಷದ ಪುಣ್ಯಸ್ಮರಣೆ ಅಂಗವಾಗಿ ಗ್ರಾಮದಲ್ಲಿ ಉಚಿತ ಆರೋಗ್ಯ ಶಿಬಿರ ವಿರ್ವಾಹಿಸಲಾಗಿದೆ. ಗ್ರಾಮದಲ್ಲಿ ಶನಿವಾರ (18 ಮಾರ್ಚ್)ರಂದು ಬಸವ ಭವನದಲ್ಲಿ ಬೆಳಿಗ್ಗೆ 10 ಗಂಟೆಯಿಂದ ಮಧ್ಯಾಹ್ನ 2 ಗಂಟೆ ತನಕ ನಡೆಯುವ ಉಚಿತ ಆರೋಗ್ಯ ಶಿಬಿರದಲ್ಲಿ ಮೈಸೂರಿನ ಜೆಎಸ್‌ಎಸ್ ಮೆಡಿಕಲ್ ಕಾಲೇಜು ಆಸ್ಪತ್ರೆ ಮತ್ತು ಸ್ಪೆಷಲಿಸ್ಟ್ ವೈದ್ಯರು ಭಾಗವಹಿಸಲಿದ್ದಾರೆ. ಸುತ್ತಮುತ್ತಲಿನ ಗ್ರಾಮದ ಜನರು ಇದರ ಪ್ರಯೋಜನ ಪಡೆದುಕೊಳ್ಳಬೇಕಾಗಿ ಪತ್ರಕರ್ತ ಆಲೂರು ನಾಗೇಂದ್ರಮೂರ್ತಿ ಕೋರಿದ್ದಾರೆ ಹೆಚ್ಚಿನ ಮಾಹಿತಿಗಾಗಿ 9481532762 ಸಂಪರ್ಕಿಸುವಂತೆ ಮನವಿ ಮಾಡಿದ್ದಾರೆ.
